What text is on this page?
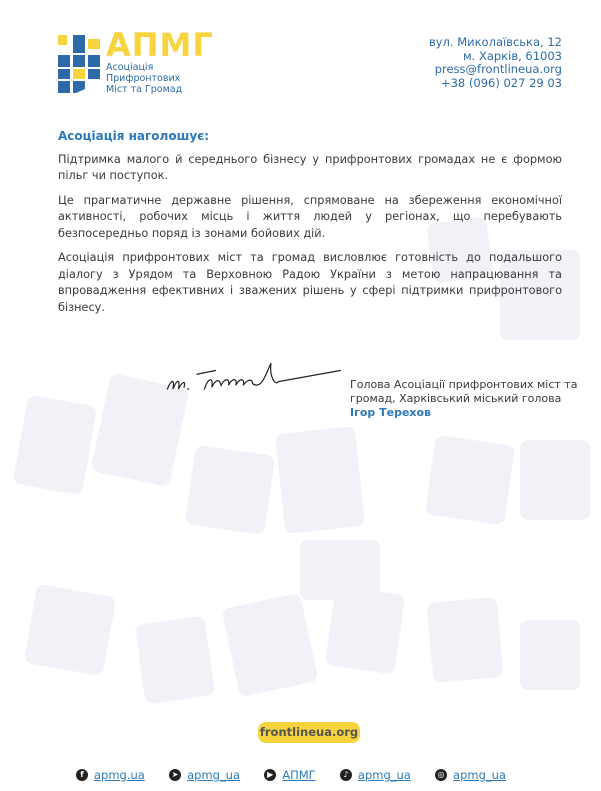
АПМГ
Асоціація
Прифронтових
Міст та Громад
вул. Миколаївська, 12
м. Харків, 61003
press@frontlineua.org
+38 (096) 027 29 03
Асоціація наголошує:

Підтримка малого й середнього бізнесу у прифронтових громадах не є формою пільг чи поступок.

Це прагматичне державне рішення, спрямоване на збереження економічної активності, робочих місць і життя людей у регіонах, що перебувають безпосередньо поряд із зонами бойових дій.

Асоціація прифронтових міст та громад висловлює готовність до подальшого діалогу з Урядом та Верховною Радою України з метою напрацювання та впровадження ефективних і зважених рішень у сфері підтримки прифронтового бізнесу.

Голова Асоціації прифронтових міст та
громад, Харківський міський голова
Ігор Терехов
frontlineua.org
f apmg.ua	➤ apmg_ua	▶ АПМГ	♪ apmg_ua	◎ apmg_ua
